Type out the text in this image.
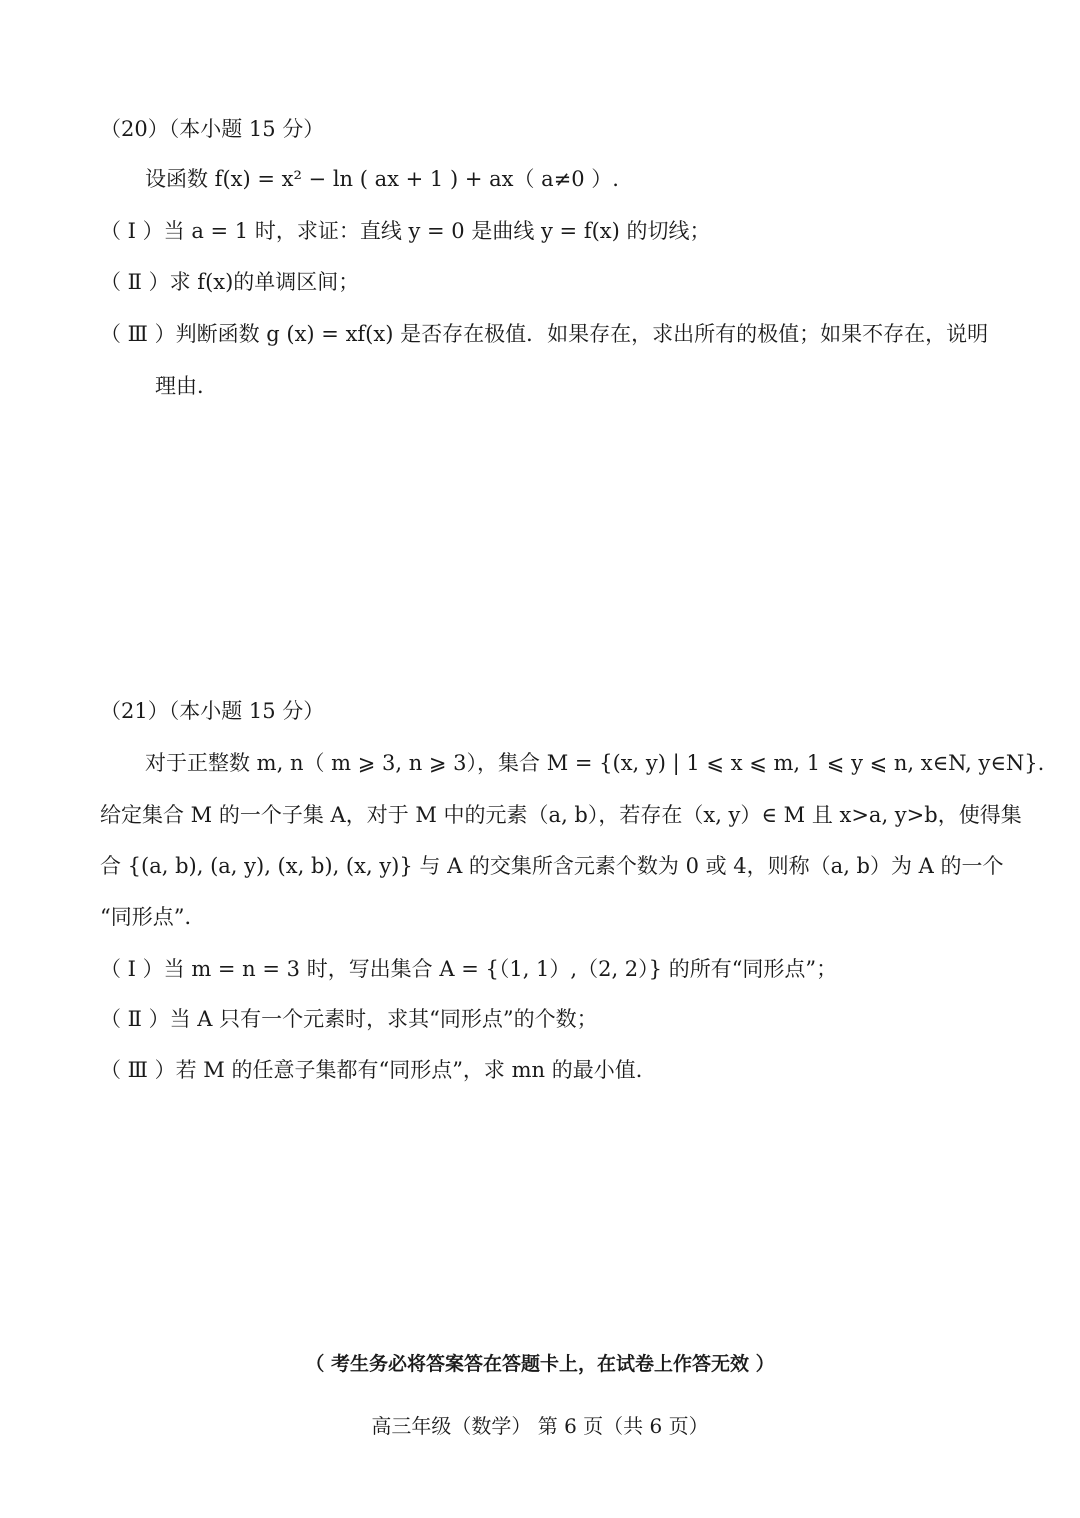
（20）（本小题 15 分）
设函数 f(x) = x² − ln ( ax + 1 ) + ax（ a≠0 ）.
（ Ⅰ ）当 a = 1 时，求证：直线 y = 0 是曲线 y = f(x) 的切线；
（ Ⅱ ）求 f(x)的单调区间；
（ Ⅲ ）判断函数 g (x) = xf(x) 是否存在极值．如果存在，求出所有的极值；如果不存在，说明
理由．
（21）（本小题 15 分）
对于正整数 m, n（ m ⩾ 3, n ⩾ 3），集合 M = {(x, y) | 1 ⩽ x ⩽ m, 1 ⩽ y ⩽ n, x∈N, y∈N}.
给定集合 M 的一个子集 A，对于 M 中的元素（a, b），若存在（x, y）∈ M 且 x>a, y>b，使得集
合 {(a, b), (a, y), (x, b), (x, y)} 与 A 的交集所含元素个数为 0 或 4，则称（a, b）为 A 的一个
“同形点”．
（ Ⅰ ）当 m = n = 3 时，写出集合 A = {（1, 1）,（2, 2）} 的所有“同形点”；
（ Ⅱ ）当 A 只有一个元素时，求其“同形点”的个数；
（ Ⅲ ）若 M 的任意子集都有“同形点”，求 mn 的最小值．
（ 考生务必将答案答在答题卡上，在试卷上作答无效 ）
高三年级（数学） 第 6 页（共 6 页）
